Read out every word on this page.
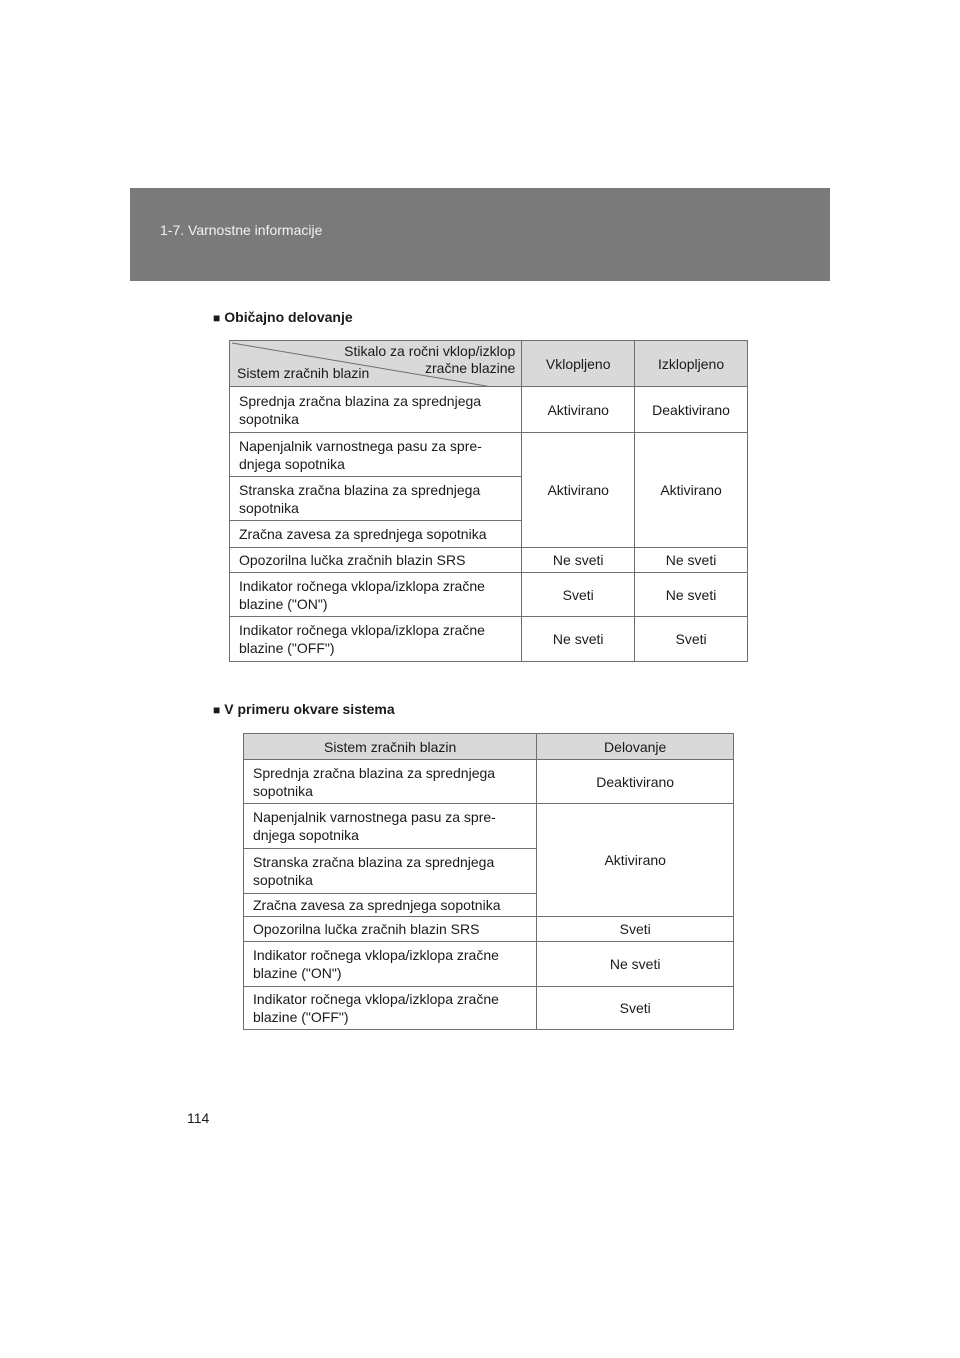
1-7. Varnostne informacije
■ Običajno delovanje
Stikalo za ročni vklop/izklop
zračne blazine
Sistem zračnih blazin	Vklopljeno	Izklopljeno
Sprednja zračna blazina za sprednjega sopotnika	Aktivirano	Deaktivirano
Napenjalnik varnostnega pasu za spre-dnjega sopotnika	Aktivirano	Aktivirano
Stranska zračna blazina za sprednjega sopotnika		
Zračna zavesa za sprednjega sopotnika		
Opozorilna lučka zračnih blazin SRS	Ne sveti	Ne sveti
Indikator ročnega vklopa/izklopa zračne blazine ("ON")	Sveti	Ne sveti
Indikator ročnega vklopa/izklopa zračne blazine ("OFF")	Ne sveti	Sveti
■ V primeru okvare sistema
Sistem zračnih blazin	Delovanje
Sprednja zračna blazina za sprednjega sopotnika	Deaktivirano
Napenjalnik varnostnega pasu za spre-dnjega sopotnika	Aktivirano
Stranska zračna blazina za sprednjega sopotnika	
Zračna zavesa za sprednjega sopotnika	
Opozorilna lučka zračnih blazin SRS	Sveti
Indikator ročnega vklopa/izklopa zračne blazine ("ON")	Ne sveti
Indikator ročnega vklopa/izklopa zračne blazine ("OFF")	Sveti
114
